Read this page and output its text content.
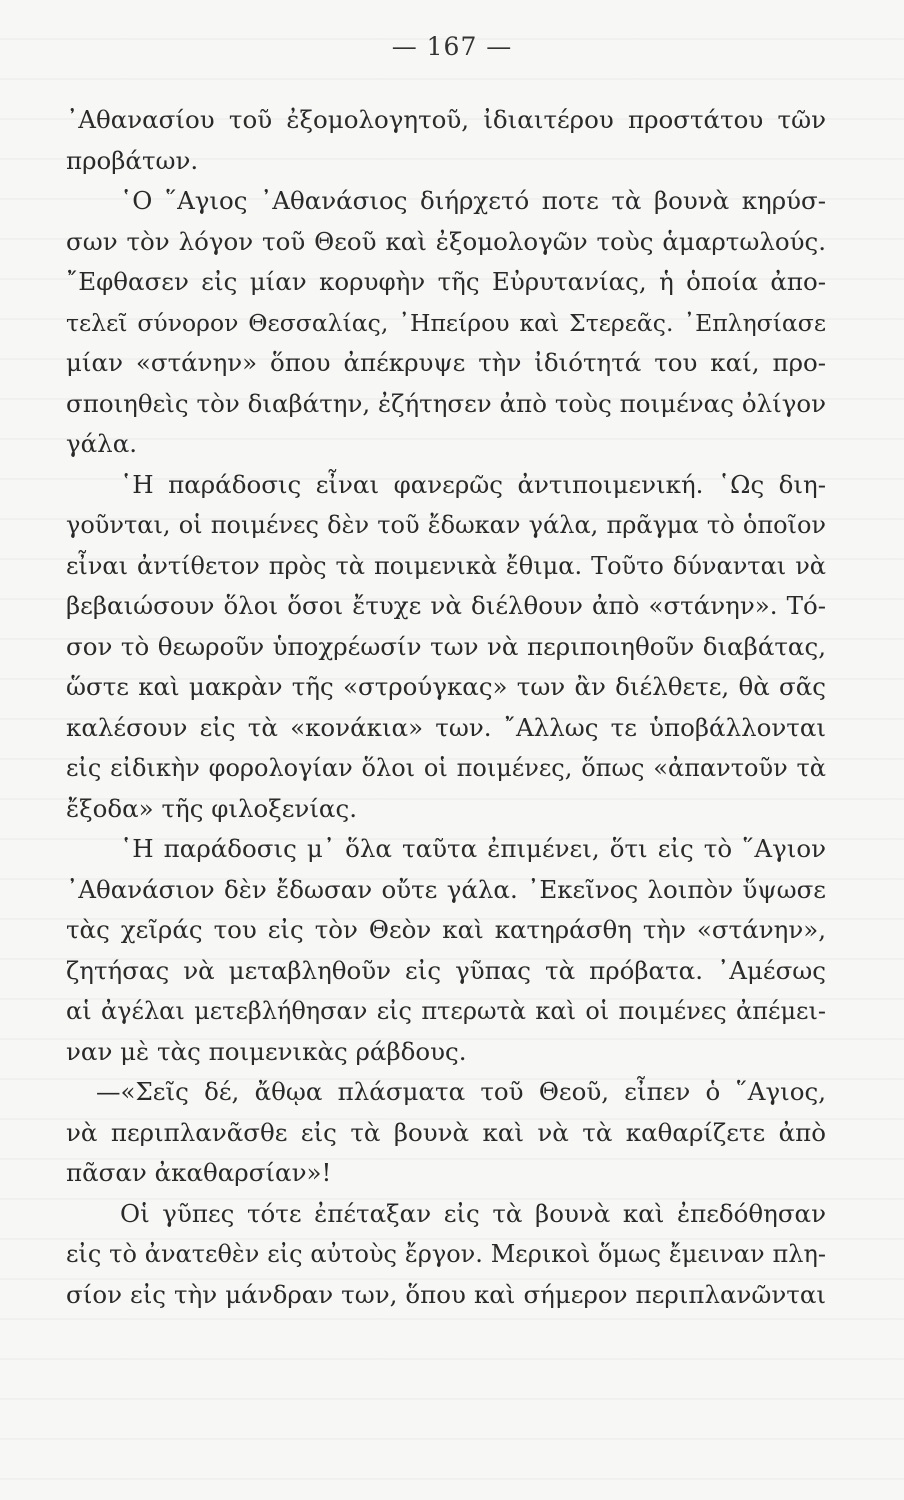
— 167 —
᾿Αθανασίου τοῦ ἐξομολογητοῦ, ἰδιαιτέρου προστάτου τῶν
προβάτων.
῾Ο ῞Αγιος ᾿Αθανάσιος διήρχετό ποτε τὰ βουνὰ κηρύσ-
σων τὸν λόγον τοῦ Θεοῦ καὶ ἐξομολογῶν τοὺς ἁμαρτωλούς.
῎Εφθασεν εἰς μίαν κορυφὴν τῆς Εὐρυτανίας, ἡ ὁποία ἀπο-
τελεῖ σύνορον Θεσσαλίας, ᾿Ηπείρου καὶ Στερεᾶς. ᾿Επλησίασε
μίαν «στάνην» ὅπου ἀπέκρυψε τὴν ἰδιότητά του καί, προ-
σποιηθεὶς τὸν διαβάτην, ἐζήτησεν ἀπὸ τοὺς ποιμένας ὀλίγον
γάλα.
῾Η παράδοσις εἶναι φανερῶς ἀντιποιμενική. ῾Ως διη-
γοῦνται, οἱ ποιμένες δὲν τοῦ ἔδωκαν γάλα, πρᾶγμα τὸ ὁποῖον
εἶναι ἀντίθετον πρὸς τὰ ποιμενικὰ ἔθιμα. Τοῦτο δύνανται νὰ
βεβαιώσουν ὅλοι ὅσοι ἔτυχε νὰ διέλθουν ἀπὸ «στάνην». Τό-
σον τὸ θεωροῦν ὑποχρέωσίν των νὰ περιποιηθοῦν διαβάτας,
ὥστε καὶ μακρὰν τῆς «στρούγκας» των ἂν διέλθετε, θὰ σᾶς
καλέσουν εἰς τὰ «κονάκια» των. ῎Αλλως τε ὑποβάλλονται
εἰς εἰδικὴν φορολογίαν ὅλοι οἱ ποιμένες, ὅπως «ἀπαντοῦν τὰ
ἔξοδα» τῆς φιλοξενίας.
῾Η παράδοσις μ᾿ ὅλα ταῦτα ἐπιμένει, ὅτι εἰς τὸ ῞Αγιον
᾿Αθανάσιον δὲν ἔδωσαν οὔτε γάλα. ᾿Εκεῖνος λοιπὸν ὕψωσε
τὰς χεῖράς του εἰς τὸν Θεὸν καὶ κατηράσθη τὴν «στάνην»,
ζητήσας νὰ μεταβληθοῦν εἰς γῦπας τὰ πρόβατα. ᾿Αμέσως
αἱ ἀγέλαι μετεβλήθησαν εἰς πτερωτὰ καὶ οἱ ποιμένες ἀπέμει-
ναν μὲ τὰς ποιμενικὰς ράβδους.
—«Σεῖς δέ, ἄθῳα πλάσματα τοῦ Θεοῦ, εἶπεν ὁ ῞Αγιος,
νὰ περιπλανᾶσθε εἰς τὰ βουνὰ καὶ νὰ τὰ καθαρίζετε ἀπὸ
πᾶσαν ἀκαθαρσίαν»!
Οἱ γῦπες τότε ἐπέταξαν εἰς τὰ βουνὰ καὶ ἐπεδόθησαν
εἰς τὸ ἀνατεθὲν εἰς αὐτοὺς ἔργον. Μερικοὶ ὅμως ἔμειναν πλη-
σίον εἰς τὴν μάνδραν των, ὅπου καὶ σήμερον περιπλανῶνται
